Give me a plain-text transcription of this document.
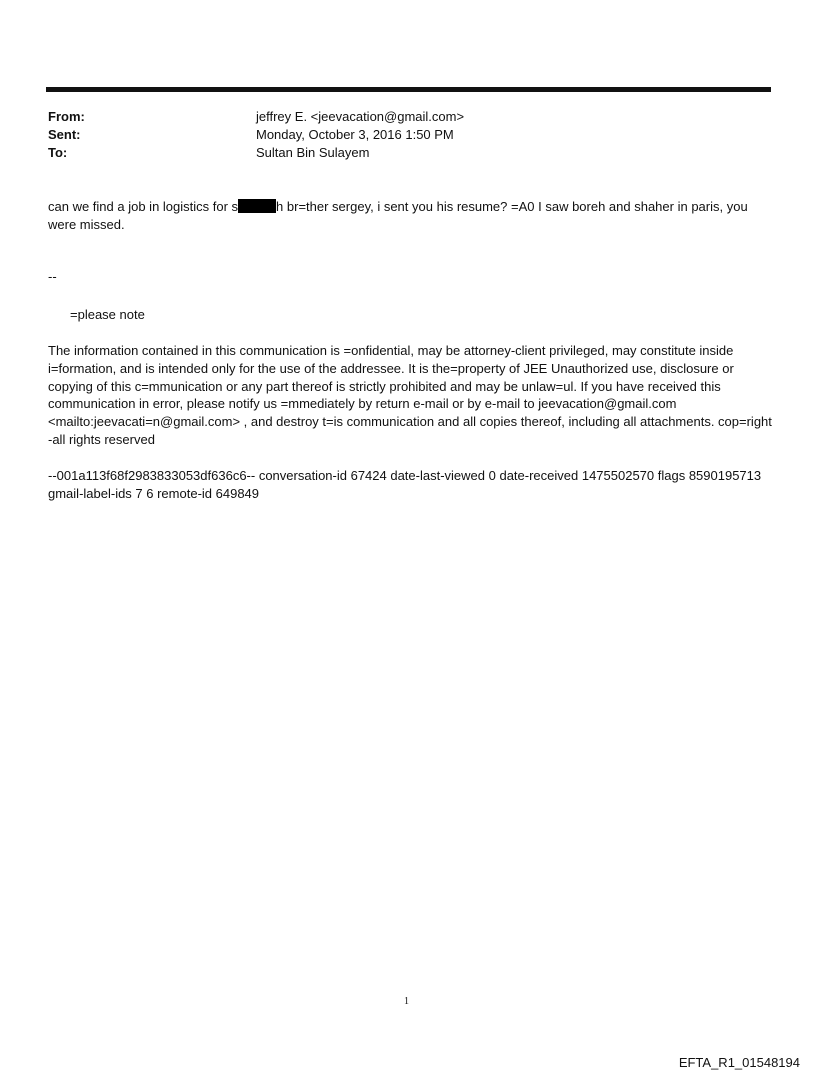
From:	jeffrey E. <jeevacation@gmail.com>
Sent:	Monday, October 3, 2016 1:50 PM
To:	Sultan Bin Sulayem

can we find a job in logistics for s	h br=ther sergey, i sent you his resume? =A0 I saw boreh and shaher in paris, you were missed.

--

=please note

The information contained in this communication is =onfidential, may be attorney-client privileged, may constitute inside i=formation, and is intended only for the use of the addressee. It is the=property of JEE Unauthorized use, disclosure or copying of this c=mmunication or any part thereof is strictly prohibited and may be unlaw=ul. If you have received this communication in error, please notify us =mmediately by return e-mail or by e-mail to jeevacation@gmail.com <mailto:jeevacati=n@gmail.com> , and destroy t=is communication and all copies thereof, including all attachments. cop=right -all rights reserved

--001a113f68f2983833053df636c6-- conversation-id 67424 date-last-viewed 0 date-received 1475502570 flags 8590195713 gmail-label-ids 7 6 remote-id 649849

1
EFTA_R1_01548194
